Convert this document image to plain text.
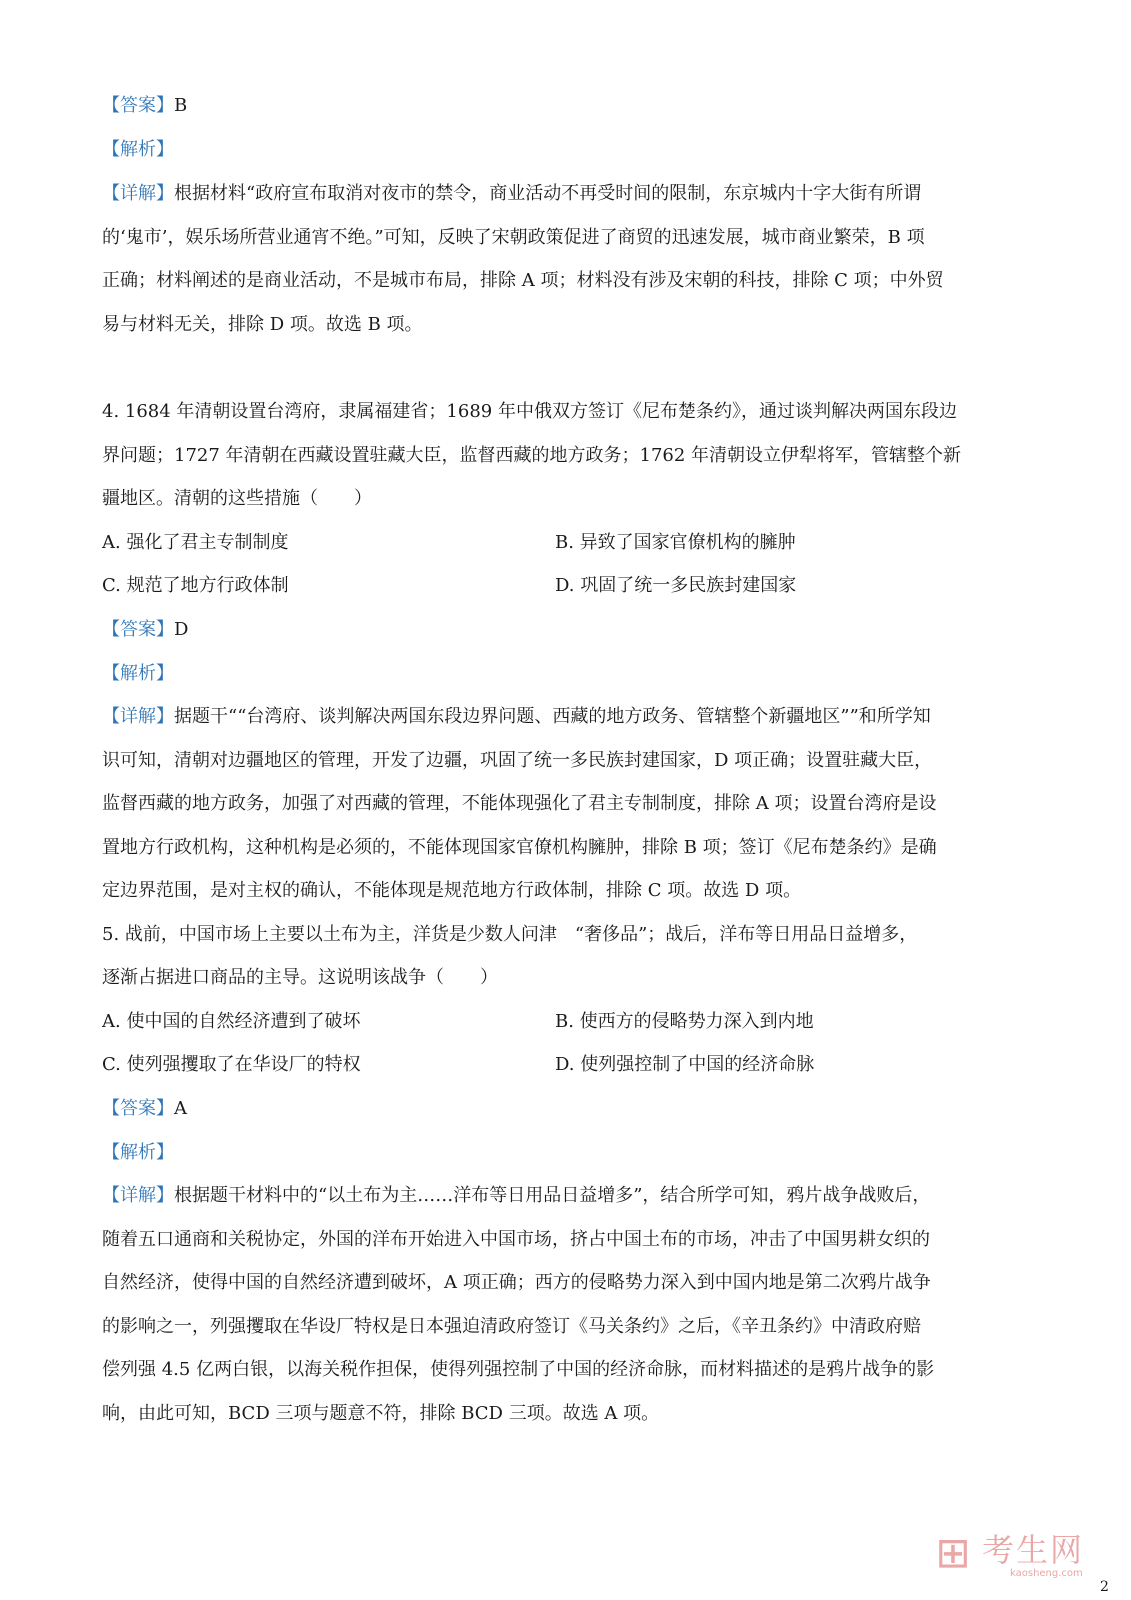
【答案】B
【解析】
【详解】根据材料“政府宣布取消对夜市的禁令，商业活动不再受时间的限制，东京城内十字大街有所谓
的‘鬼市’，娱乐场所营业通宵不绝。”可知，反映了宋朝政策促进了商贸的迅速发展，城市商业繁荣，B 项
正确；材料阐述的是商业活动，不是城市布局，排除 A 项；材料没有涉及宋朝的科技，排除 C 项；中外贸
易与材料无关，排除 D 项。故选 B 项。
4. 1684 年清朝设置台湾府，隶属福建省；1689 年中俄双方签订《尼布楚条约》，通过谈判解决两国东段边
界问题；1727 年清朝在西藏设置驻藏大臣，监督西藏的地方政务；1762 年清朝设立伊犁将军，管辖整个新
疆地区。清朝的这些措施（　　）
A. 强化了君主专制制度	B. 异致了国家官僚机构的臃肿
C. 规范了地方行政体制	D. 巩固了统一多民族封建国家
【答案】D
【解析】
【详解】据题干““台湾府、谈判解决两国东段边界问题、西藏的地方政务、管辖整个新疆地区””和所学知
识可知，清朝对边疆地区的管理，开发了边疆，巩固了统一多民族封建国家，D 项正确；设置驻藏大臣，
监督西藏的地方政务，加强了对西藏的管理，不能体现强化了君主专制制度，排除 A 项；设置台湾府是设
置地方行政机构，这种机构是必须的，不能体现国家官僚机构臃肿，排除 B 项；签订《尼布楚条约》是确
定边界范围，是对主权的确认，不能体现是规范地方行政体制，排除 C 项。故选 D 项。
5. 战前，中国市场上主要以土布为主，洋货是少数人问津　“奢侈品”；战后，洋布等日用品日益增多，
逐渐占据进口商品的主导。这说明该战争（　　）
A. 使中国的自然经济遭到了破坏	B. 使西方的侵略势力深入到内地
C. 使列强攫取了在华设厂的特权	D. 使列强控制了中国的经济命脉
【答案】A
【解析】
【详解】根据题干材料中的“以土布为主……洋布等日用品日益增多”，结合所学可知，鸦片战争战败后，
随着五口通商和关税协定，外国的洋布开始进入中国市场，挤占中国土布的市场，冲击了中国男耕女织的
自然经济，使得中国的自然经济遭到破坏，A 项正确；西方的侵略势力深入到中国内地是第二次鸦片战争
的影响之一，列强攫取在华设厂特权是日本强迫清政府签订《马关条约》之后，《辛丑条约》中清政府赔
偿列强 4.5 亿两白银，以海关税作担保，使得列强控制了中国的经济命脉，而材料描述的是鸦片战争的影
响，由此可知，BCD 三项与题意不符，排除 BCD 三项。故选 A 项。
⊞ 考生网
kaosheng.com
2
